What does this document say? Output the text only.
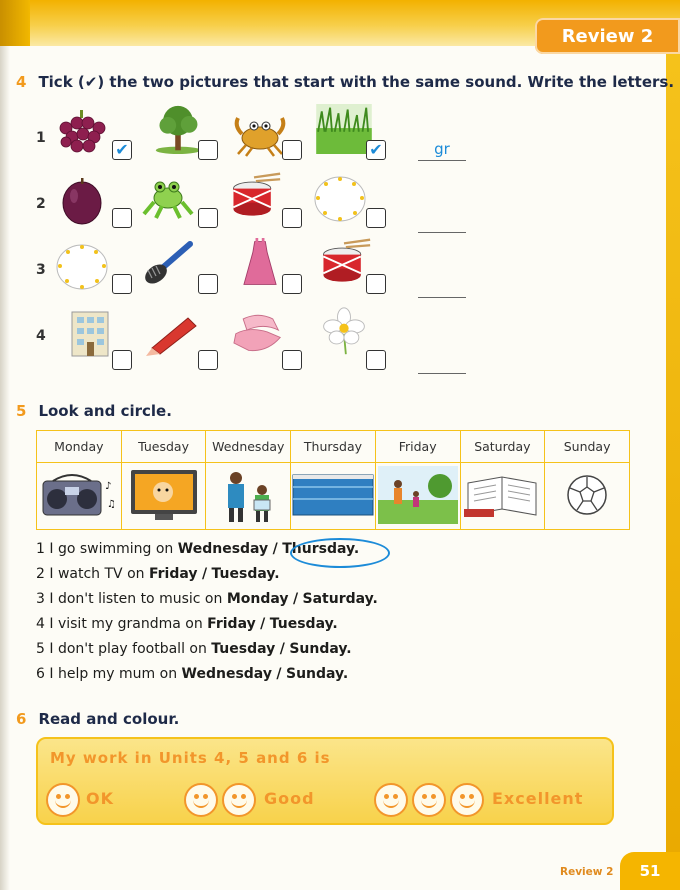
Review 2
4 Tick (✔) the two pictures that start with the same sound. Write the letters.
1
2
3
4
✔	✔	gr
5 Look and circle.
Monday	Tuesday	Wednesday	Thursday	Friday	Saturday	Sunday

♪
♫

1 I go swimming on Wednesday / Thursday.
2 I watch TV on Friday / Tuesday.
3 I don't listen to music on Monday / Saturday.
4 I visit my grandma on Friday / Tuesday.
5 I don't play football on Tuesday / Sunday.
6 I help my mum on Wednesday / Sunday.
6 Read and colour.
My work in Units 4, 5 and 6 is
OK	Good	Excellent
Review 2 51
